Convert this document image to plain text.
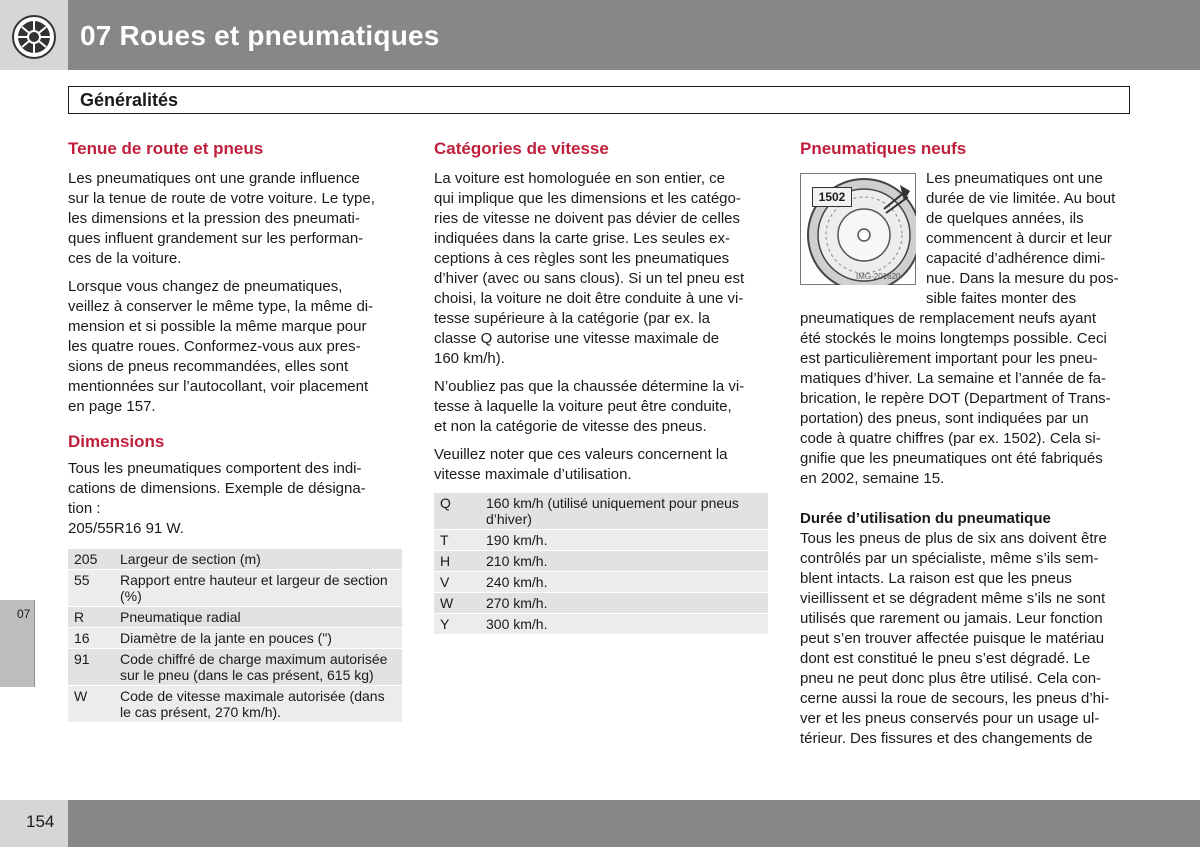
07 Roues et pneumatiques
Généralités
07
Tenue de route et pneus

Les pneumatiques ont une grande influence
sur la tenue de route de votre voiture. Le type,
les dimensions et la pression des pneumati-
ques influent grandement sur les performan-
ces de la voiture.

Lorsque vous changez de pneumatiques,
veillez à conserver le même type, la même di-
mension et si possible la même marque pour
les quatre roues. Conformez-vous aux pres-
sions de pneus recommandées, elles sont
mentionnées sur l’autocollant, voir placement
en page 157.

Dimensions

Tous les pneumatiques comportent des indi-
cations de dimensions. Exemple de désigna-
tion :
205/55R16 91 W.

205	Largeur de section (m)
55	Rapport entre hauteur et largeur de section (%)
R	Pneumatique radial
16	Diamètre de la jante en pouces (")
91	Code chiffré de charge maximum autorisée sur le pneu (dans le cas présent, 615 kg)
W	Code de vitesse maximale autorisée (dans le cas présent, 270 km/h).
Catégories de vitesse

La voiture est homologuée en son entier, ce
qui implique que les dimensions et les catégo-
ries de vitesse ne doivent pas dévier de celles
indiquées dans la carte grise. Les seules ex-
ceptions à ces règles sont les pneumatiques
d’hiver (avec ou sans clous). Si un tel pneu est
choisi, la voiture ne doit être conduite à une vi-
tesse supérieure à la catégorie (par ex. la
classe Q autorise une vitesse maximale de
160 km/h).

N’oubliez pas que la chaussée détermine la vi-
tesse à laquelle la voiture peut être conduite,
et non la catégorie de vitesse des pneus.

Veuillez noter que ces valeurs concernent la
vitesse maximale d’utilisation.

Q	160 km/h (utilisé uniquement pour pneus d’hiver)
T	190 km/h.
H	210 km/h.
V	240 km/h.
W	270 km/h.
Y	300 km/h.
Pneumatiques neufs
1502
IMG-201620

Les pneumatiques ont une
durée de vie limitée. Au bout
de quelques années, ils
commencent à durcir et leur
capacité d’adhérence dimi-
nue. Dans la mesure du pos-
sible faites monter des

pneumatiques de remplacement neufs ayant
été stockés le moins longtemps possible. Ceci
est particulièrement important pour les pneu-
matiques d’hiver. La semaine et l’année de fa-
brication, le repère DOT (Department of Trans-
portation) des pneus, sont indiquées par un
code à quatre chiffres (par ex. 1502). Cela si-
gnifie que les pneumatiques ont été fabriqués
en 2002, semaine 15.

Durée d’utilisation du pneumatique

Tous les pneus de plus de six ans doivent être
contrôlés par un spécialiste, même s’ils sem-
blent intacts. La raison est que les pneus
vieillissent et se dégradent même s’ils ne sont
utilisés que rarement ou jamais. Leur fonction
peut s’en trouver affectée puisque le matériau
dont est constitué le pneu s’est dégradé. Le
pneu ne peut donc plus être utilisé. Cela con-
cerne aussi la roue de secours, les pneus d’hi-
ver et les pneus conservés pour un usage ul-
térieur. Des fissures et des changements de

154
